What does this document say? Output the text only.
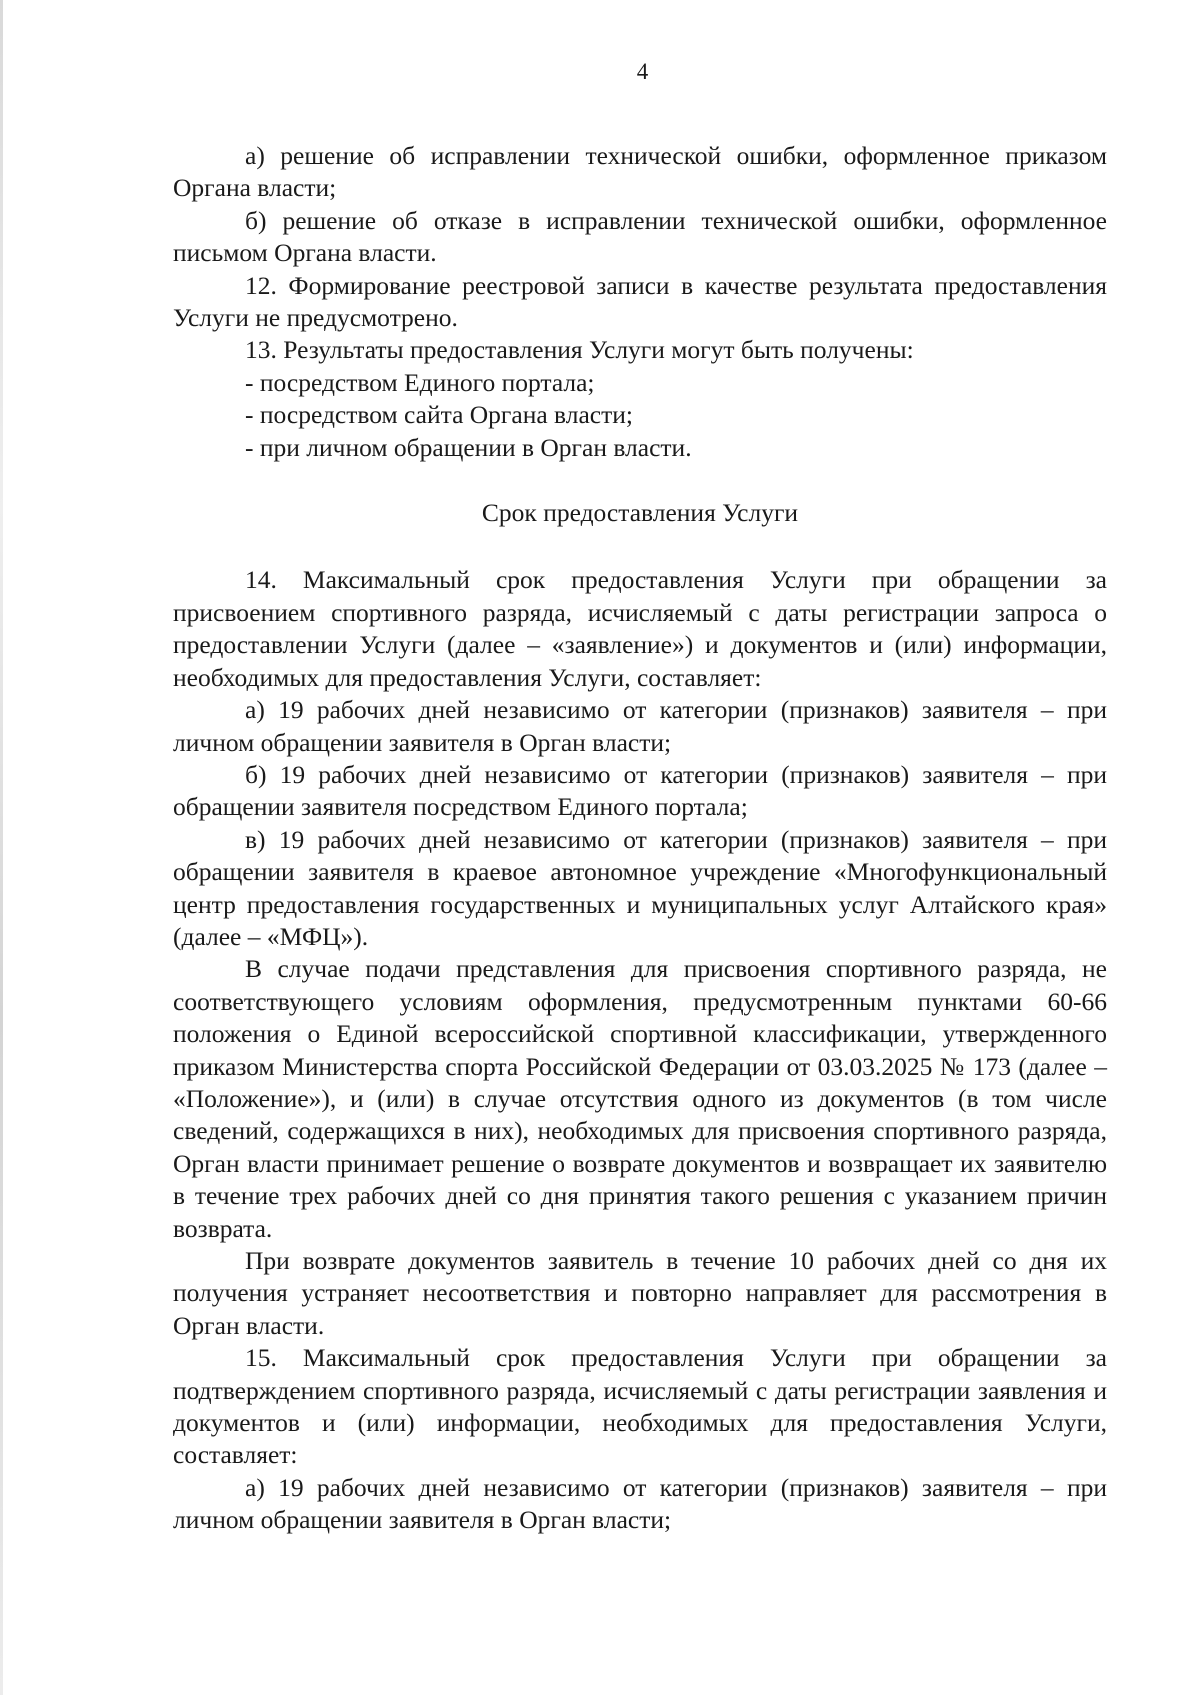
4

а) решение об исправлении технической ошибки, оформленное приказом Органа власти;

б) решение об отказе в исправлении технической ошибки, оформленное письмом Органа власти.

12. Формирование реестровой записи в качестве результата предоставления Услуги не предусмотрено.

13. Результаты предоставления Услуги могут быть получены:

- посредством Единого портала;

- посредством сайта Органа власти;

- при личном обращении в Орган власти.

Срок предоставления Услуги

14. Максимальный срок предоставления Услуги при обращении за присвоением спортивного разряда, исчисляемый с даты регистрации запроса о предоставлении Услуги (далее – «заявление») и документов и (или) информации, необходимых для предоставления Услуги, составляет:

а) 19 рабочих дней независимо от категории (признаков) заявителя – при личном обращении заявителя в Орган власти;

б) 19 рабочих дней независимо от категории (признаков) заявителя – при обращении заявителя посредством Единого портала;

в) 19 рабочих дней независимо от категории (признаков) заявителя – при обращении заявителя в краевое автономное учреждение «Многофункциональный центр предоставления государственных и муниципальных услуг Алтайского края» (далее – «МФЦ»).

В случае подачи представления для присвоения спортивного разряда, не соответствующего условиям оформления, предусмотренным пунктами 60-66 положения о Единой всероссийской спортивной классификации, утвержденного приказом Министерства спорта Российской Федерации от 03.03.2025 № 173 (далее – «Положение»), и (или) в случае отсутствия одного из документов (в том числе сведений, содержащихся в них), необходимых для присвоения спортивного разряда, Орган власти принимает решение о возврате документов и возвращает их заявителю в течение трех рабочих дней со дня принятия такого решения с указанием причин возврата.

При возврате документов заявитель в течение 10 рабочих дней со дня их получения устраняет несоответствия и повторно направляет для рассмотрения в Орган власти.

15. Максимальный срок предоставления Услуги при обращении за подтверждением спортивного разряда, исчисляемый с даты регистрации заявления и документов и (или) информации, необходимых для предоставления Услуги, составляет:

а) 19 рабочих дней независимо от категории (признаков) заявителя – при личном обращении заявителя в Орган власти;
